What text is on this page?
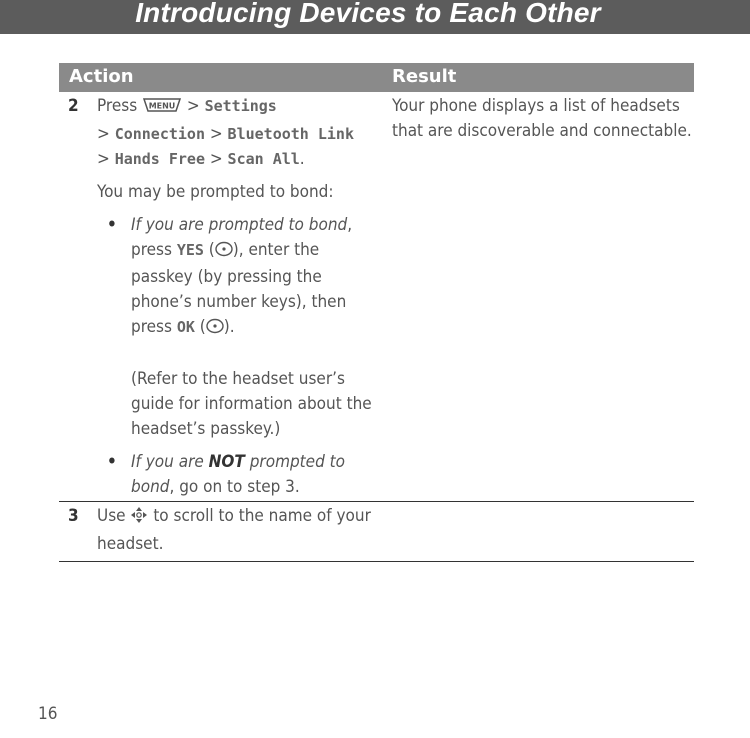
Introducing Devices to Each Other
Action	Result
2 Press MENU > Settings
> Connection > Bluetooth Link
> Hands Free > Scan All.
You may be prompted to bond:
• If you are prompted to bond, press YES ( ), enter the passkey (by pressing the phone’s number keys), then press OK ( ).
(Refer to the headset user’s guide for information about the headset’s passkey.)
• If you are NOT prompted to bond, go on to step 3.
Your phone displays a list of headsets that are discoverable and connectable.
3 Use to scroll to the name of your headset.
16
